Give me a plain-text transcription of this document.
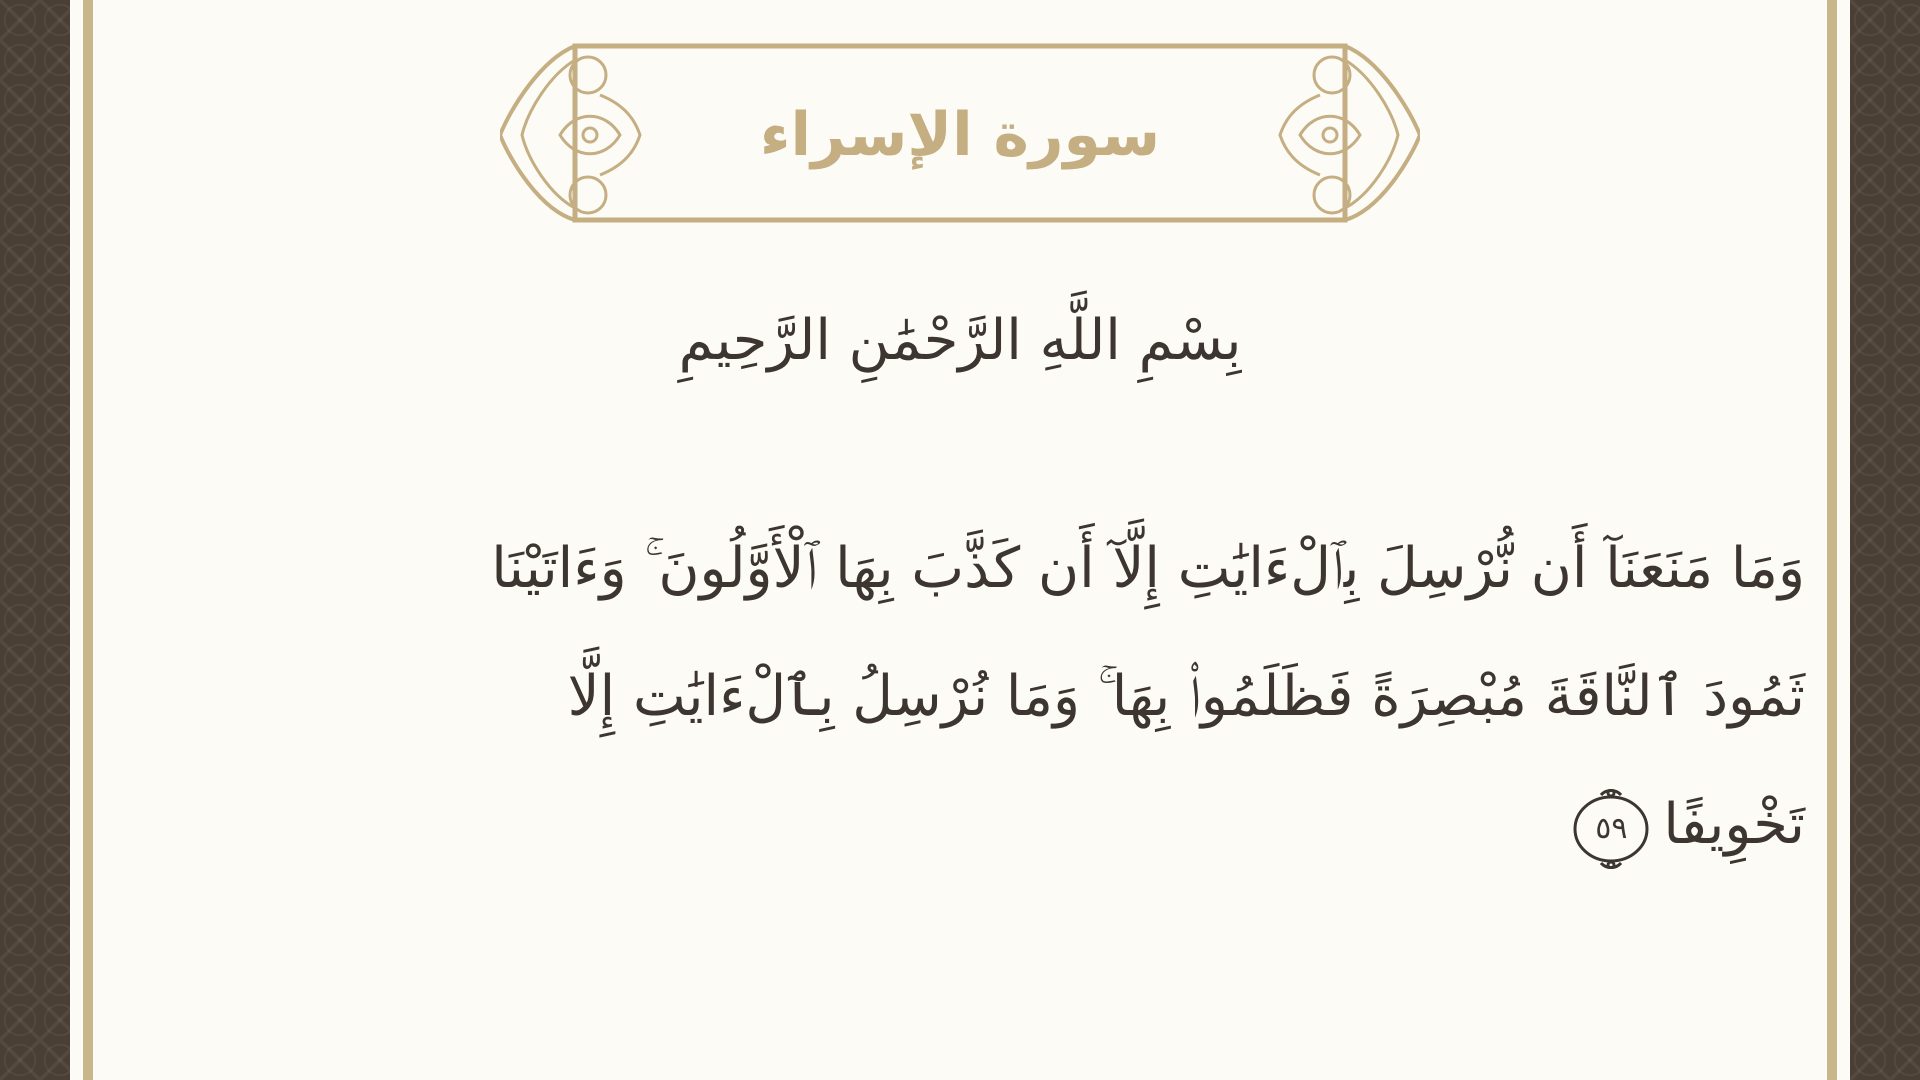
سورة الإسراء
بِسْمِ اللَّهِ الرَّحْمَٰنِ الرَّحِيمِ
وَمَا مَنَعَنَآ أَن نُّرْسِلَ بِٱلْءَايَٰتِ إِلَّآ أَن كَذَّبَ بِهَا ٱلْأَوَّلُونَ ۚ وَءَاتَيْنَا
ثَمُودَ ٱلنَّاقَةَ مُبْصِرَةً فَظَلَمُوا۟ بِهَا ۚ وَمَا نُرْسِلُ بِٱلْءَايَٰتِ إِلَّا
تَخْوِيفًا
٥٩
